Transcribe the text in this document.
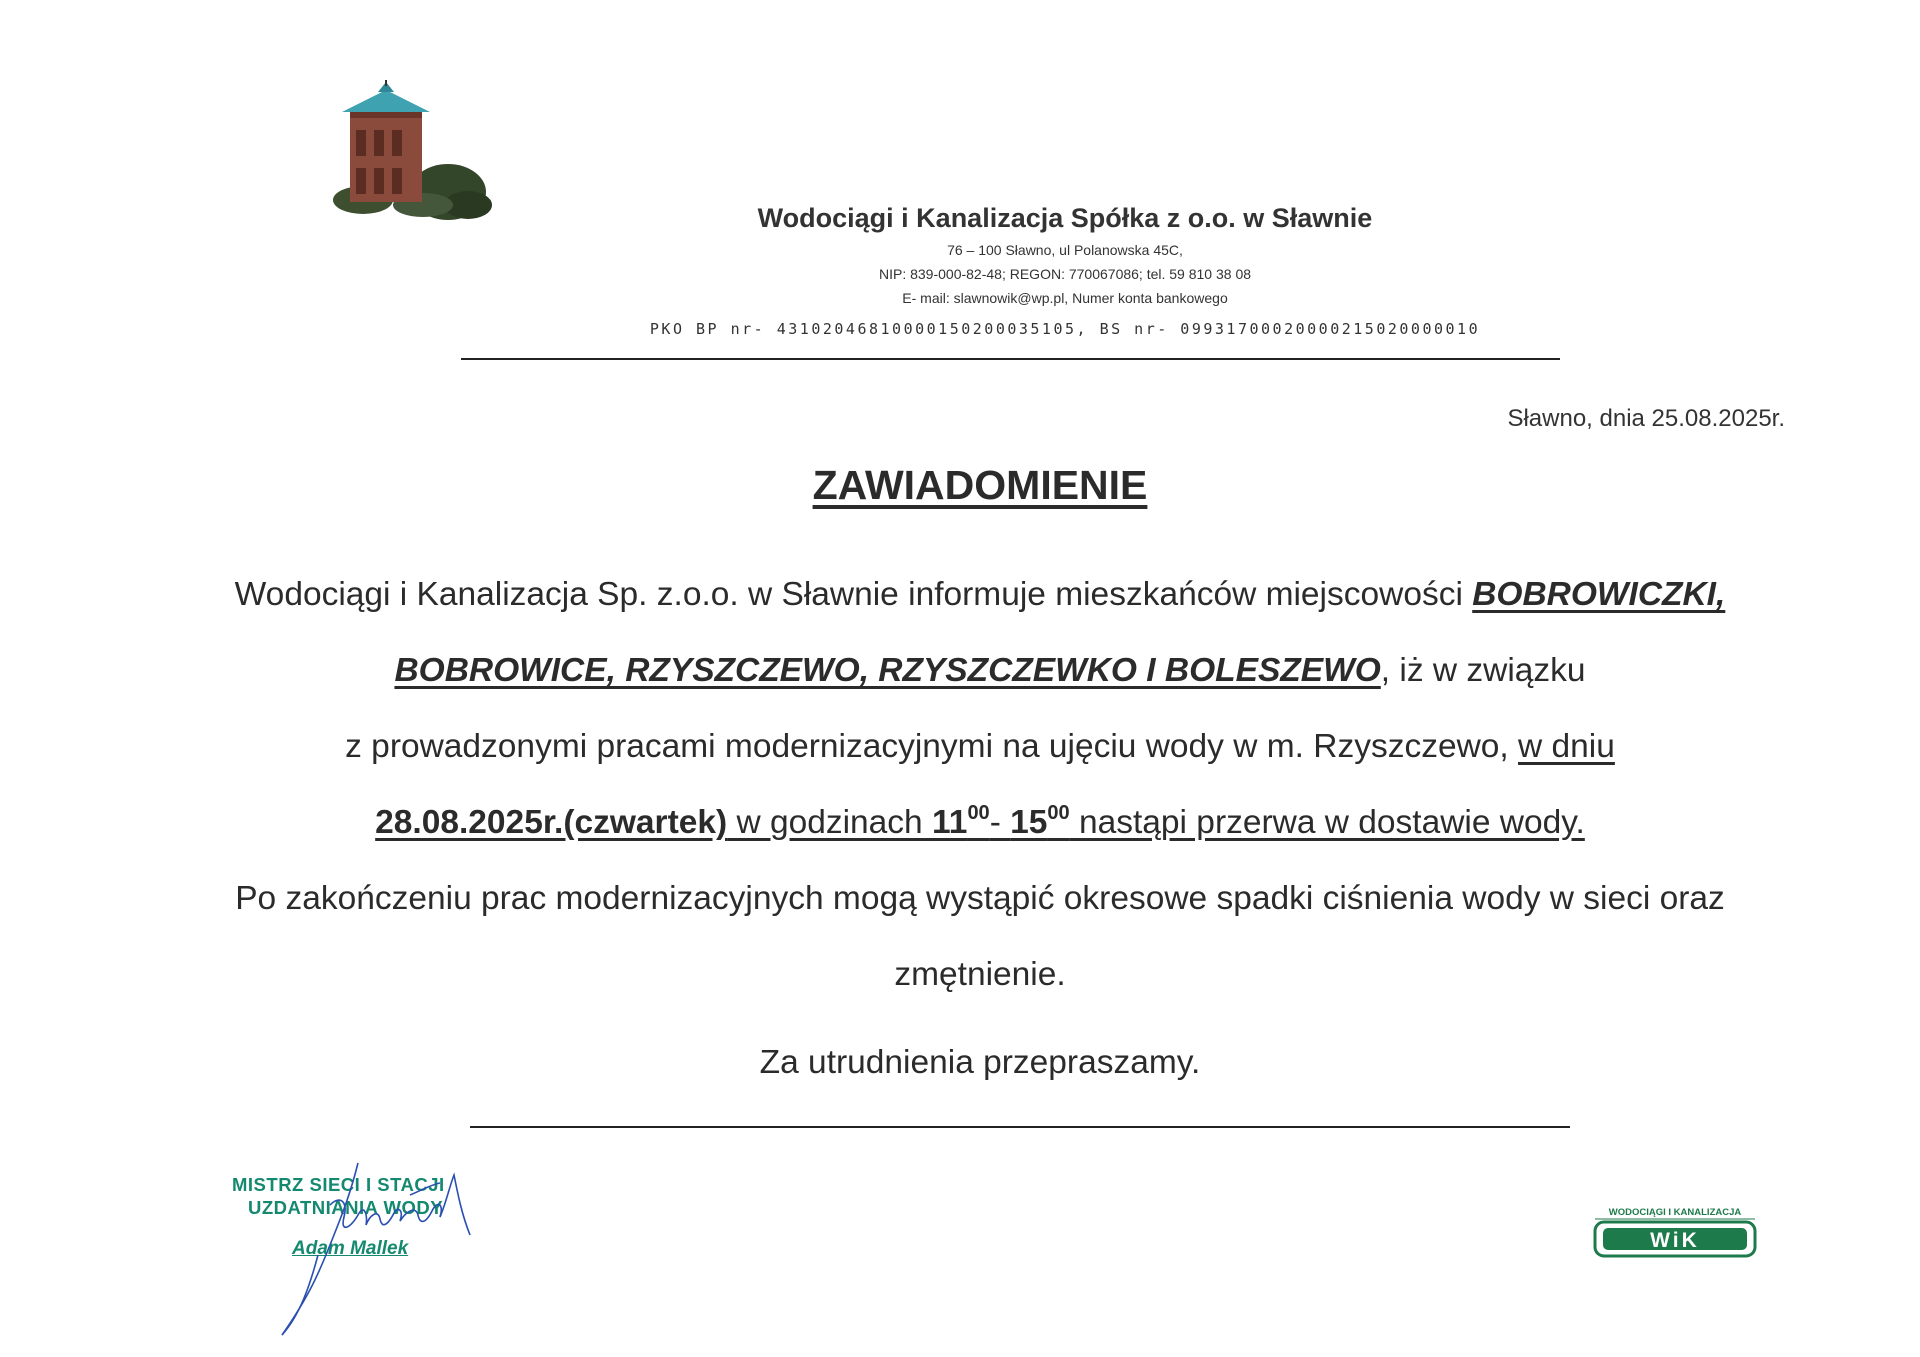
Wodociągi i Kanalizacja Spółka z o.o. w Sławnie
76 – 100 Sławno, ul Polanowska 45C,
NIP: 839-000-82-48; REGON: 770067086; tel. 59 810 38 08
E- mail: slawnowik@wp.pl, Numer konta bankowego
PKO BP nr- 43102046810000150200035105, BS nr- 09931700020000215020000010
Sławno, dnia 25.08.2025r.
ZAWIADOMIENIE
Wodociągi i Kanalizacja Sp. z.o.o. w Sławnie informuje mieszkańców miejscowości BOBROWICZKI,
BOBROWICE, RZYSZCZEWO, RZYSZCZEWKO I BOLESZEWO, iż w związku
z prowadzonymi pracami modernizacyjnymi na ujęciu wody w m. Rzyszczewo, w dniu
28.08.2025r.(czwartek) w godzinach $11^{00}-$ $15^{00}$ nastąpi przerwa w dostawie wody.
Po zakończeniu prac modernizacyjnych mogą wystąpić okresowe spadki ciśnienia wody w sieci oraz
zmętnienie.
Za utrudnienia przepraszamy.
MISTRZ SIECI I STACJI
UZDATNIANIA WODY
Adam Mallek
WODOCIĄGI I KANALIZACJA
WiK
